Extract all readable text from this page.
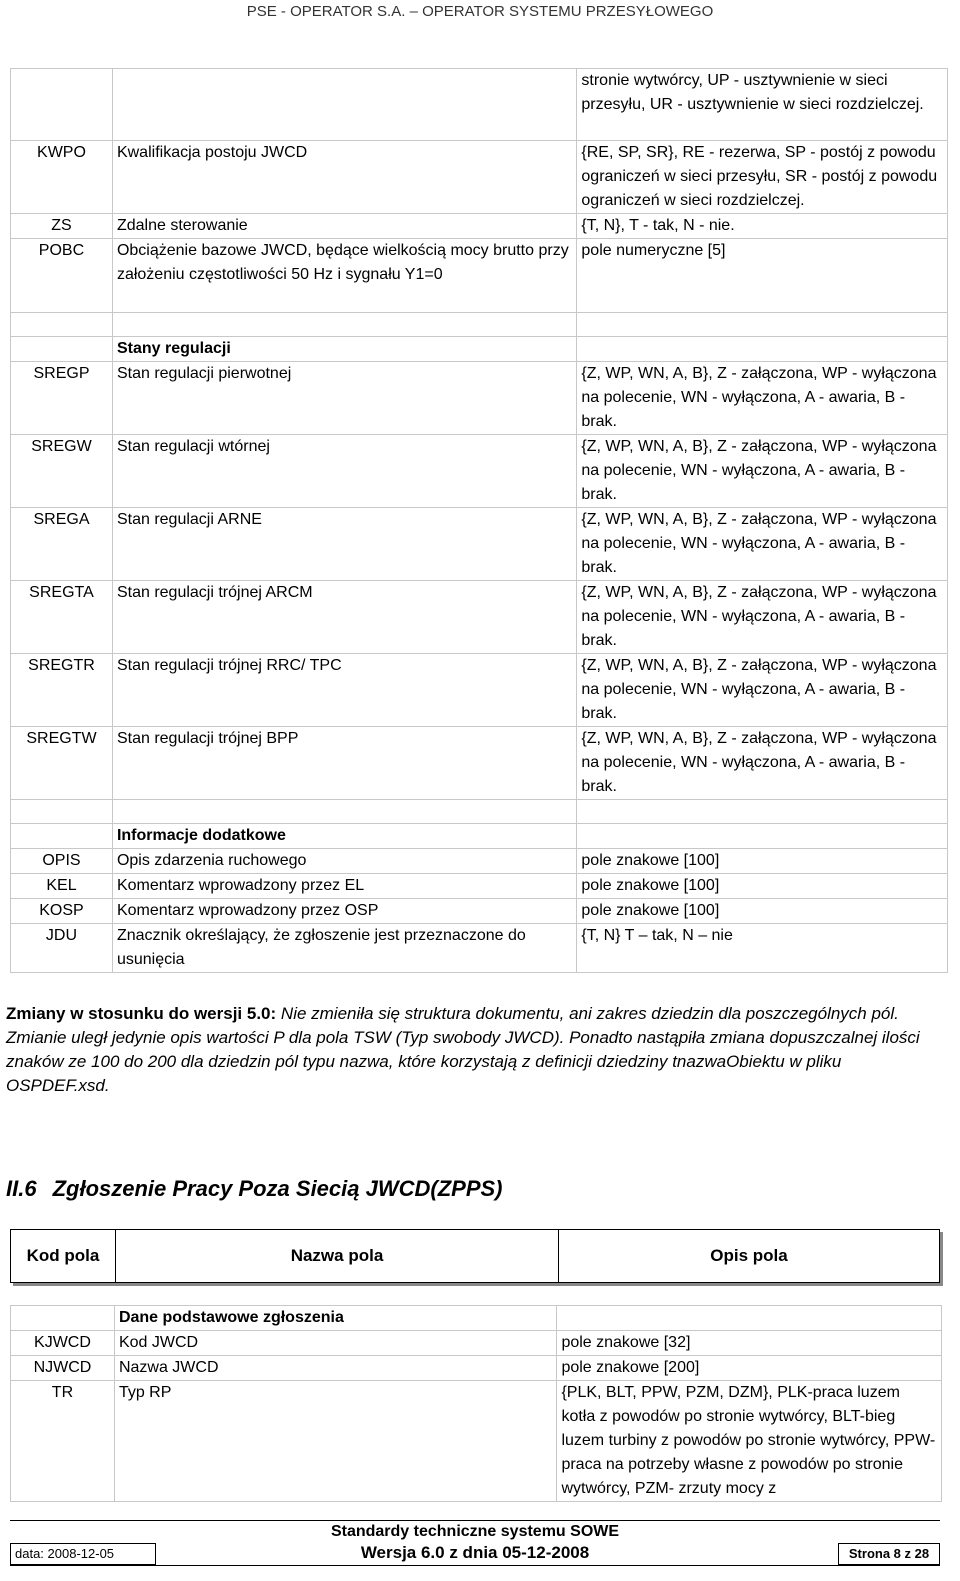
PSE - OPERATOR S.A. – OPERATOR SYSTEMU PRZESYŁOWEGO
		stronie wytwórcy, UP - usztywnienie w sieci przesyłu, UR - usztywnienie w sieci rozdzielczej.
KWPO	Kwalifikacja postoju JWCD	{RE, SP, SR}, RE - rezerwa, SP - postój z powodu ograniczeń w sieci przesyłu, SR - postój z powodu ograniczeń w sieci rozdzielczej.
ZS	Zdalne sterowanie	{T, N}, T - tak, N - nie.
POBC	Obciążenie bazowe JWCD, będące wielkością mocy brutto przy założeniu częstotliwości 50 Hz i sygnału Y1=0	pole numeryczne [5]

	Stany regulacji	
SREGP	Stan regulacji pierwotnej	{Z, WP, WN, A, B}, Z - załączona, WP - wyłączona na polecenie, WN - wyłączona, A - awaria, B - brak.
SREGW	Stan regulacji wtórnej	{Z, WP, WN, A, B}, Z - załączona, WP - wyłączona na polecenie, WN - wyłączona, A - awaria, B - brak.
SREGA	Stan regulacji ARNE	{Z, WP, WN, A, B}, Z - załączona, WP - wyłączona na polecenie, WN - wyłączona, A - awaria, B - brak.
SREGTA	Stan regulacji trójnej ARCM	{Z, WP, WN, A, B}, Z - załączona, WP - wyłączona na polecenie, WN - wyłączona, A - awaria, B - brak.
SREGTR	Stan regulacji trójnej RRC/ TPC	{Z, WP, WN, A, B}, Z - załączona, WP - wyłączona na polecenie, WN - wyłączona, A - awaria, B - brak.
SREGTW	Stan regulacji trójnej BPP	{Z, WP, WN, A, B}, Z - załączona, WP - wyłączona na polecenie, WN - wyłączona, A - awaria, B - brak.

	Informacje dodatkowe	
OPIS	Opis zdarzenia ruchowego	pole znakowe [100]
KEL	Komentarz wprowadzony przez EL	pole znakowe [100]
KOSP	Komentarz wprowadzony przez OSP	pole znakowe [100]
JDU	Znacznik określający, że zgłoszenie jest przeznaczone do usunięcia	{T, N} T – tak, N – nie
Zmiany w stosunku do wersji 5.0: Nie zmieniła się struktura dokumentu, ani zakres dziedzin dla poszczególnych pól. Zmianie uległ jedynie opis wartości P dla pola TSW (Typ swobody JWCD). Ponadto nastąpiła zmiana dopuszczalnej ilości znaków ze 100 do 200 dla dziedzin pól typu nazwa, które korzystają z definicji dziedziny tnazwaObiektu w pliku OSPDEF.xsd.
II.6 Zgłoszenie Pracy Poza Siecią JWCD(ZPPS)
Kod pola	Nazwa pola	Opis pola
	Dane podstawowe zgłoszenia	
KJWCD	Kod JWCD	pole znakowe [32]
NJWCD	Nazwa JWCD	pole znakowe [200]
TR	Typ RP	{PLK, BLT, PPW, PZM, DZM}, PLK-praca luzem kotła z powodów po stronie wytwórcy, BLT-bieg luzem turbiny z powodów po stronie wytwórcy, PPW-praca na potrzeby własne z powodów po stronie wytwórcy, PZM- zrzuty mocy z
Standardy techniczne systemu SOWE
data: 2008-12-05	Wersja 6.0 z dnia 05-12-2008	Strona 8 z 28
